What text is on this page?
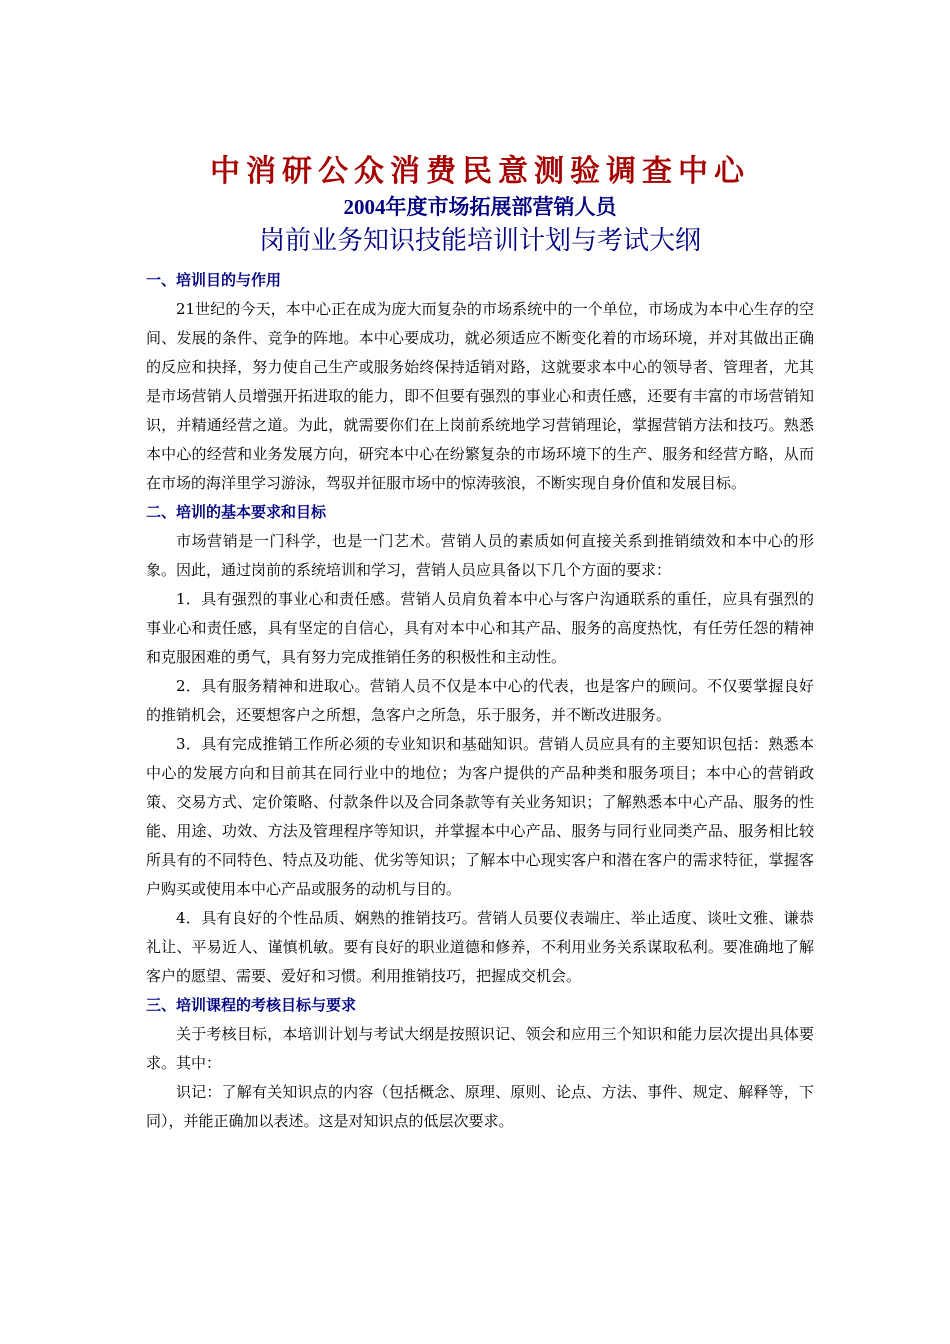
中消研公众消费民意测验调查中心
2004年度市场拓展部营销人员
岗前业务知识技能培训计划与考试大纲
一、培训目的与作用

21世纪的今天，本中心正在成为庞大而复杂的市场系统中的一个单位，市场成为本中心生存的空间、发展的条件、竞争的阵地。本中心要成功，就必须适应不断变化着的市场环境，并对其做出正确的反应和抉择，努力使自己生产或服务始终保持适销对路，这就要求本中心的领导者、管理者，尤其是市场营销人员增强开拓进取的能力，即不但要有强烈的事业心和责任感，还要有丰富的市场营销知识，并精通经营之道。为此，就需要你们在上岗前系统地学习营销理论，掌握营销方法和技巧。熟悉本中心的经营和业务发展方向，研究本中心在纷繁复杂的市场环境下的生产、服务和经营方略，从而在市场的海洋里学习游泳，驾驭并征服市场中的惊涛骇浪，不断实现自身价值和发展目标。

二、培训的基本要求和目标

市场营销是一门科学，也是一门艺术。营销人员的素质如何直接关系到推销绩效和本中心的形象。因此，通过岗前的系统培训和学习，营销人员应具备以下几个方面的要求：

1．具有强烈的事业心和责任感。营销人员肩负着本中心与客户沟通联系的重任，应具有强烈的事业心和责任感，具有坚定的自信心，具有对本中心和其产品、服务的高度热忱，有任劳任怨的精神和克服困难的勇气，具有努力完成推销任务的积极性和主动性。

2．具有服务精神和进取心。营销人员不仅是本中心的代表，也是客户的顾问。不仅要掌握良好的推销机会，还要想客户之所想，急客户之所急，乐于服务，并不断改进服务。

3．具有完成推销工作所必须的专业知识和基础知识。营销人员应具有的主要知识包括：熟悉本中心的发展方向和目前其在同行业中的地位；为客户提供的产品种类和服务项目；本中心的营销政策、交易方式、定价策略、付款条件以及合同条款等有关业务知识；了解熟悉本中心产品、服务的性能、用途、功效、方法及管理程序等知识，并掌握本中心产品、服务与同行业同类产品、服务相比较所具有的不同特色、特点及功能、优劣等知识；了解本中心现实客户和潜在客户的需求特征，掌握客户购买或使用本中心产品或服务的动机与目的。

4．具有良好的个性品质、娴熟的推销技巧。营销人员要仪表端庄、举止适度、谈吐文雅、谦恭礼让、平易近人、谨慎机敏。要有良好的职业道德和修养，不利用业务关系谋取私利。要准确地了解客户的愿望、需要、爱好和习惯。利用推销技巧，把握成交机会。

三、培训课程的考核目标与要求

关于考核目标，本培训计划与考试大纲是按照识记、领会和应用三个知识和能力层次提出具体要求。其中：

识记：了解有关知识点的内容（包括概念、原理、原则、论点、方法、事件、规定、解释等，下同），并能正确加以表述。这是对知识点的低层次要求。
